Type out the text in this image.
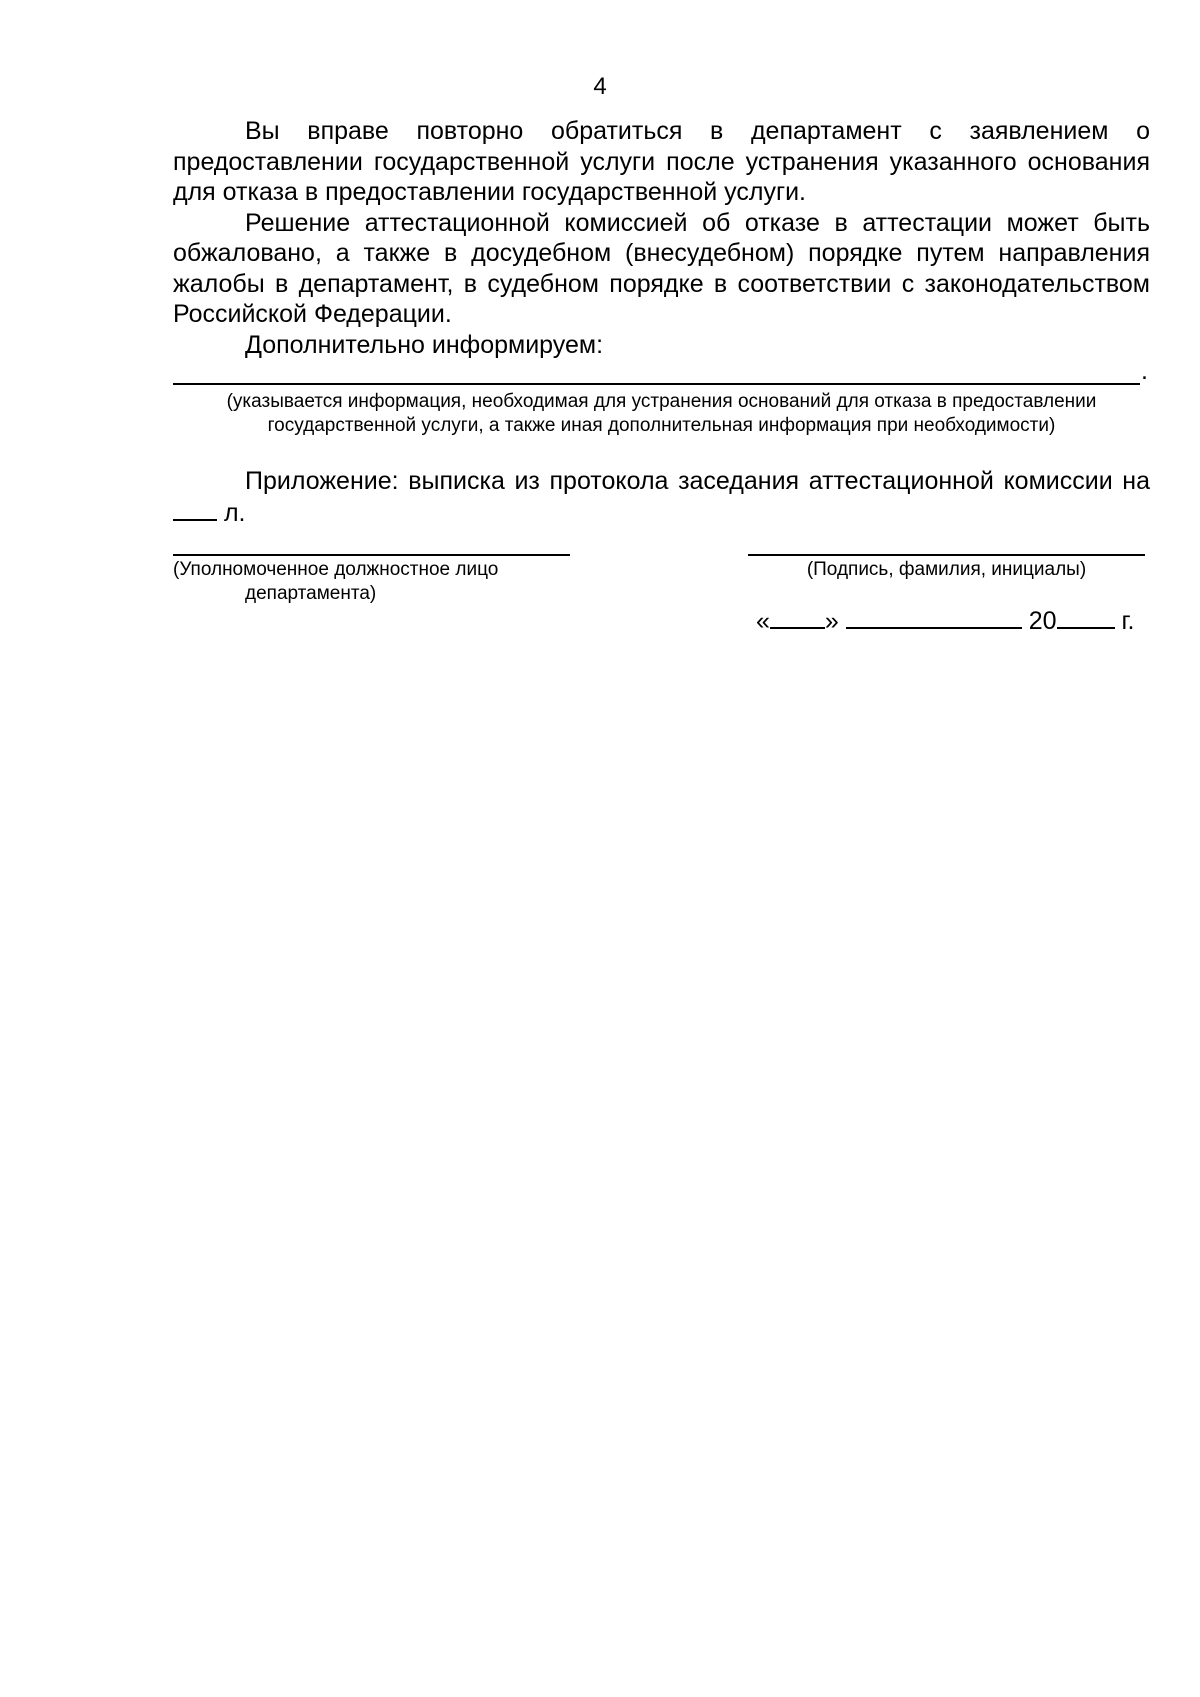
4

Вы вправе повторно обратиться в департамент с заявлением о предоставлении государственной услуги после устранения указанного основания для отказа в предоставлении государственной услуги.

Решение аттестационной комиссией об отказе в аттестации может быть обжаловано, а также в досудебном (внесудебном) порядке путем направления жалобы в департамент, в судебном порядке в соответствии с законодательством Российской Федерации.

Дополнительно информируем:

.
(указывается информация, необходимая для устранения оснований для отказа в предоставлении
государственной услуги, а также иная дополнительная информация при необходимости)

Приложение: выписка из протокола заседания аттестационной комиссии на  л.

(Уполномоченное должностное лицо
департамента)
(Подпись, фамилия, инициалы)
« »	20	г.
